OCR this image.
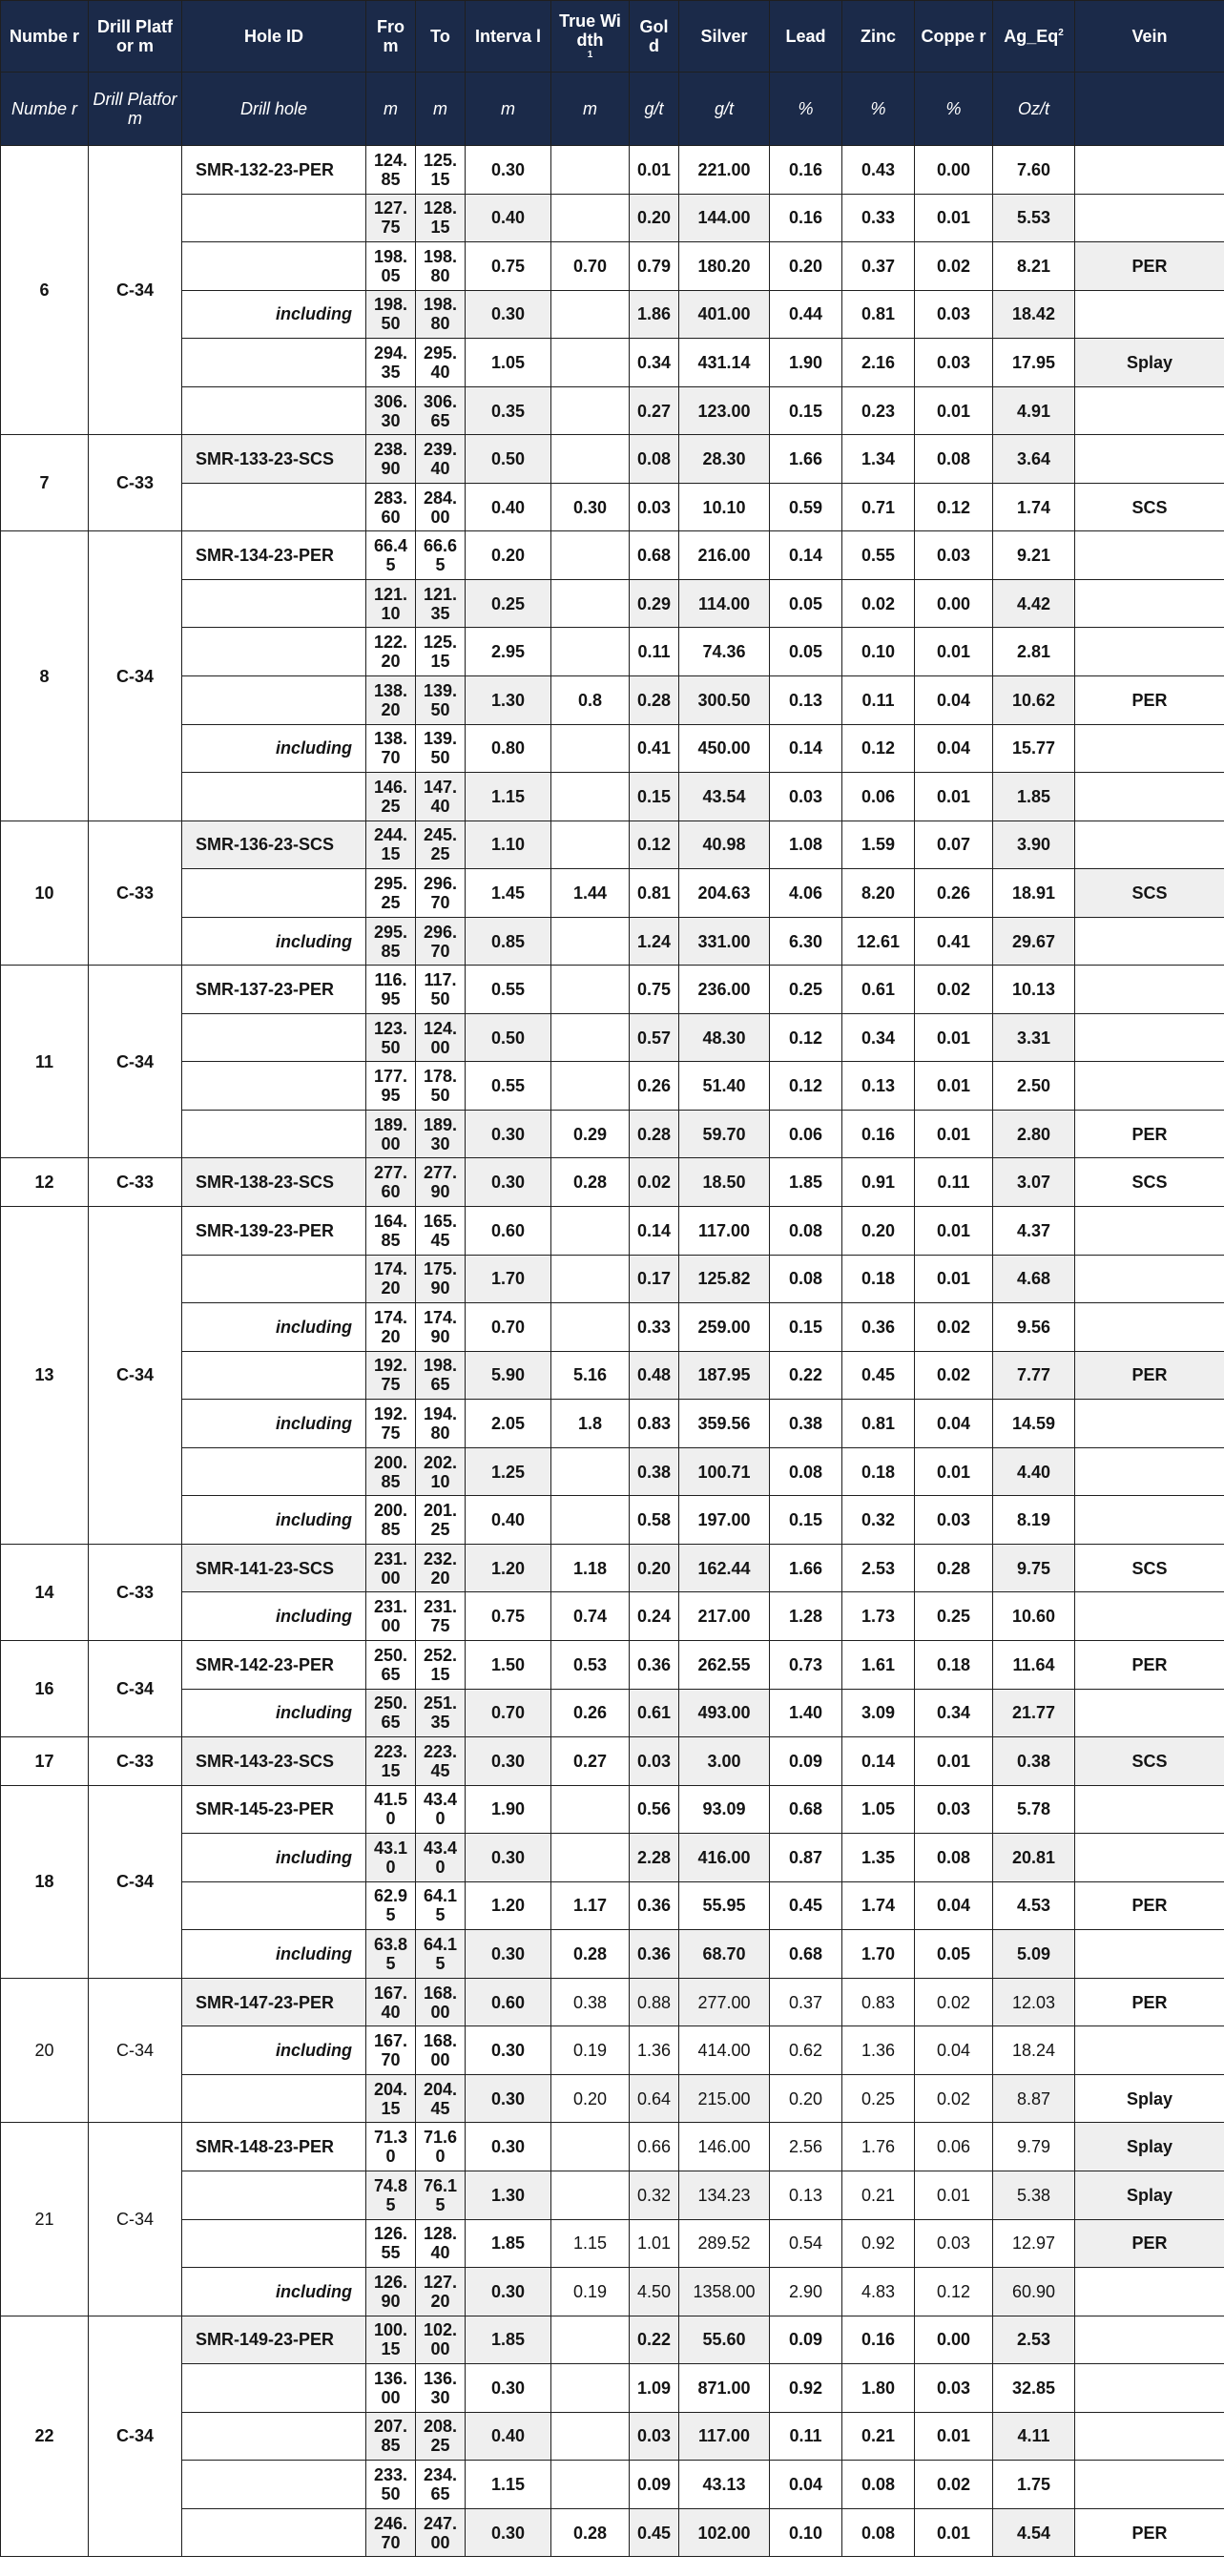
Numbe r	Drill Platfor m	Hole ID	Fro m	To	Interva l	True Width
1	Gol d	Silver	Lead	Zinc	Coppe r	Ag_Eq$^2$	Vein
Numbe r	Drill Platfor m	Drill hole	m	m	m	m	g/t	g/t	%	%	%	Oz/t	
6	C-34	SMR-132-23-PER	124.85	125.15	0.30		0.01	221.00	0.16	0.43	0.00	7.60	
			127.75	128.15	0.40		0.20	144.00	0.16	0.33	0.01	5.53	
			198.05	198.80	0.75	0.70	0.79	180.20	0.20	0.37	0.02	8.21	PER
		including	198.50	198.80	0.30		1.86	401.00	0.44	0.81	0.03	18.42	
			294.35	295.40	1.05		0.34	431.14	1.90	2.16	0.03	17.95	Splay
			306.30	306.65	0.35		0.27	123.00	0.15	0.23	0.01	4.91	
7	C-33	SMR-133-23-SCS	238.90	239.40	0.50		0.08	28.30	1.66	1.34	0.08	3.64	
			283.60	284.00	0.40	0.30	0.03	10.10	0.59	0.71	0.12	1.74	SCS
8	C-34	SMR-134-23-PER	66.45	66.65	0.20		0.68	216.00	0.14	0.55	0.03	9.21	
			121.10	121.35	0.25		0.29	114.00	0.05	0.02	0.00	4.42	
			122.20	125.15	2.95		0.11	74.36	0.05	0.10	0.01	2.81	
			138.20	139.50	1.30	0.8	0.28	300.50	0.13	0.11	0.04	10.62	PER
		including	138.70	139.50	0.80		0.41	450.00	0.14	0.12	0.04	15.77	
			146.25	147.40	1.15		0.15	43.54	0.03	0.06	0.01	1.85	
10	C-33	SMR-136-23-SCS	244.15	245.25	1.10		0.12	40.98	1.08	1.59	0.07	3.90	
			295.25	296.70	1.45	1.44	0.81	204.63	4.06	8.20	0.26	18.91	SCS
		including	295.85	296.70	0.85		1.24	331.00	6.30	12.61	0.41	29.67	
11	C-34	SMR-137-23-PER	116.95	117.50	0.55		0.75	236.00	0.25	0.61	0.02	10.13	
			123.50	124.00	0.50		0.57	48.30	0.12	0.34	0.01	3.31	
			177.95	178.50	0.55		0.26	51.40	0.12	0.13	0.01	2.50	
			189.00	189.30	0.30	0.29	0.28	59.70	0.06	0.16	0.01	2.80	PER
12	C-33	SMR-138-23-SCS	277.60	277.90	0.30	0.28	0.02	18.50	1.85	0.91	0.11	3.07	SCS
13	C-34	SMR-139-23-PER	164.85	165.45	0.60		0.14	117.00	0.08	0.20	0.01	4.37	
			174.20	175.90	1.70		0.17	125.82	0.08	0.18	0.01	4.68	
		including	174.20	174.90	0.70		0.33	259.00	0.15	0.36	0.02	9.56	
			192.75	198.65	5.90	5.16	0.48	187.95	0.22	0.45	0.02	7.77	PER
		including	192.75	194.80	2.05	1.8	0.83	359.56	0.38	0.81	0.04	14.59	
			200.85	202.10	1.25		0.38	100.71	0.08	0.18	0.01	4.40	
		including	200.85	201.25	0.40		0.58	197.00	0.15	0.32	0.03	8.19	
14	C-33	SMR-141-23-SCS	231.00	232.20	1.20	1.18	0.20	162.44	1.66	2.53	0.28	9.75	SCS
		including	231.00	231.75	0.75	0.74	0.24	217.00	1.28	1.73	0.25	10.60	
16	C-34	SMR-142-23-PER	250.65	252.15	1.50	0.53	0.36	262.55	0.73	1.61	0.18	11.64	PER
		including	250.65	251.35	0.70	0.26	0.61	493.00	1.40	3.09	0.34	21.77	
17	C-33	SMR-143-23-SCS	223.15	223.45	0.30	0.27	0.03	3.00	0.09	0.14	0.01	0.38	SCS
18	C-34	SMR-145-23-PER	41.50	43.40	1.90		0.56	93.09	0.68	1.05	0.03	5.78	
		including	43.10	43.40	0.30		2.28	416.00	0.87	1.35	0.08	20.81	
			62.95	64.15	1.20	1.17	0.36	55.95	0.45	1.74	0.04	4.53	PER
		including	63.85	64.15	0.30	0.28	0.36	68.70	0.68	1.70	0.05	5.09	
20	C-34	SMR-147-23-PER	167.40	168.00	0.60	0.38	0.88	277.00	0.37	0.83	0.02	12.03	PER
		including	167.70	168.00	0.30	0.19	1.36	414.00	0.62	1.36	0.04	18.24	
			204.15	204.45	0.30	0.20	0.64	215.00	0.20	0.25	0.02	8.87	Splay
21	C-34	SMR-148-23-PER	71.30	71.60	0.30		0.66	146.00	2.56	1.76	0.06	9.79	Splay
			74.85	76.15	1.30		0.32	134.23	0.13	0.21	0.01	5.38	Splay
			126.55	128.40	1.85	1.15	1.01	289.52	0.54	0.92	0.03	12.97	PER
		including	126.90	127.20	0.30	0.19	4.50	1358.00	2.90	4.83	0.12	60.90	
22	C-34	SMR-149-23-PER	100.15	102.00	1.85		0.22	55.60	0.09	0.16	0.00	2.53	
			136.00	136.30	0.30		1.09	871.00	0.92	1.80	0.03	32.85	
			207.85	208.25	0.40		0.03	117.00	0.11	0.21	0.01	4.11	
			233.50	234.65	1.15		0.09	43.13	0.04	0.08	0.02	1.75	
			246.70	247.00	0.30	0.28	0.45	102.00	0.10	0.08	0.01	4.54	PER
